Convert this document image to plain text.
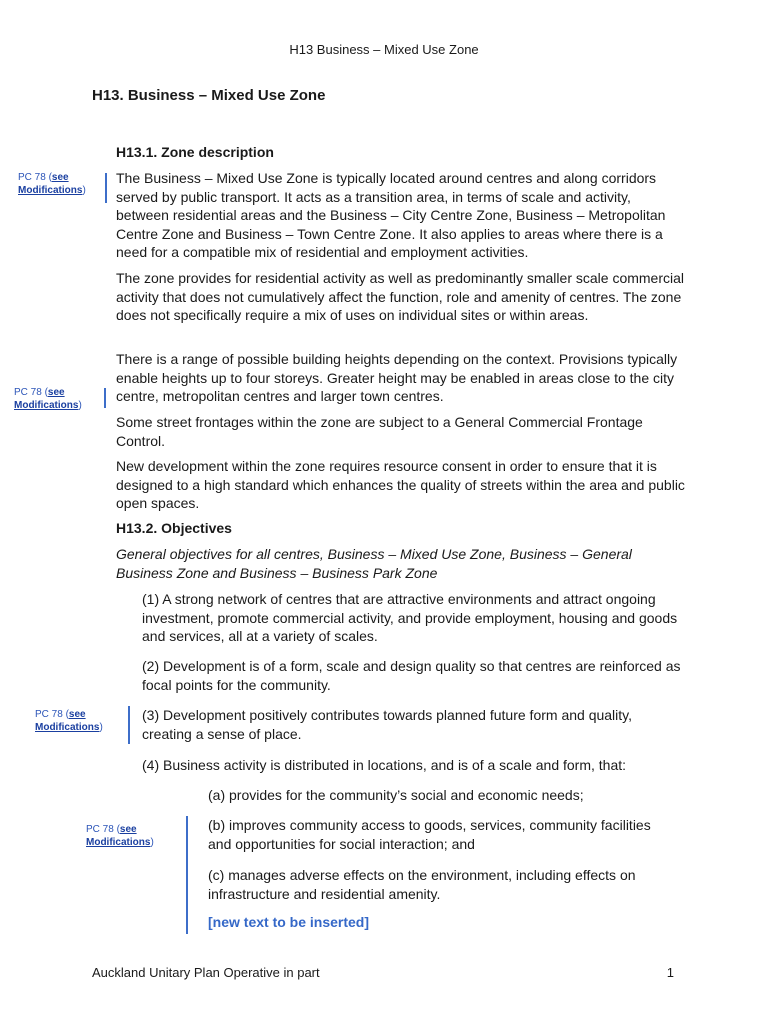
H13 Business – Mixed Use Zone
H13. Business – Mixed Use Zone
H13.1. Zone description
The Business – Mixed Use Zone is typically located around centres and along corridors served by public transport. It acts as a transition area, in terms of scale and activity, between residential areas and the Business – City Centre Zone, Business – Metropolitan Centre Zone and Business – Town Centre Zone. It also applies to areas where there is a need for a compatible mix of residential and employment activities.
The zone provides for residential activity as well as predominantly smaller scale commercial activity that does not cumulatively affect the function, role and amenity of centres. The zone does not specifically require a mix of uses on individual sites or within areas.
There is a range of possible building heights depending on the context. Provisions typically enable heights up to four storeys. Greater height may be enabled in areas close to the city centre, metropolitan centres and larger town centres.
Some street frontages within the zone are subject to a General Commercial Frontage Control.
New development within the zone requires resource consent in order to ensure that it is designed to a high standard which enhances the quality of streets within the area and public open spaces.
H13.2. Objectives
General objectives for all centres, Business – Mixed Use Zone, Business – General Business Zone and Business – Business Park Zone
(1) A strong network of centres that are attractive environments and attract ongoing investment, promote commercial activity, and provide employment, housing and goods and services, all at a variety of scales.
(2) Development is of a form, scale and design quality so that centres are reinforced as focal points for the community.
(3) Development positively contributes towards planned future form and quality, creating a sense of place.
(4) Business activity is distributed in locations, and is of a scale and form, that:
(a) provides for the community’s social and economic needs;
(b) improves community access to goods, services, community facilities and opportunities for social interaction; and
(c) manages adverse effects on the environment, including effects on infrastructure and residential amenity.
[new text to be inserted]
PC 78 (see
Modifications)
PC 78 (see
Modifications)
PC 78 (see
Modifications)
PC 78 (see
Modifications)
Auckland Unitary Plan Operative in part	1
